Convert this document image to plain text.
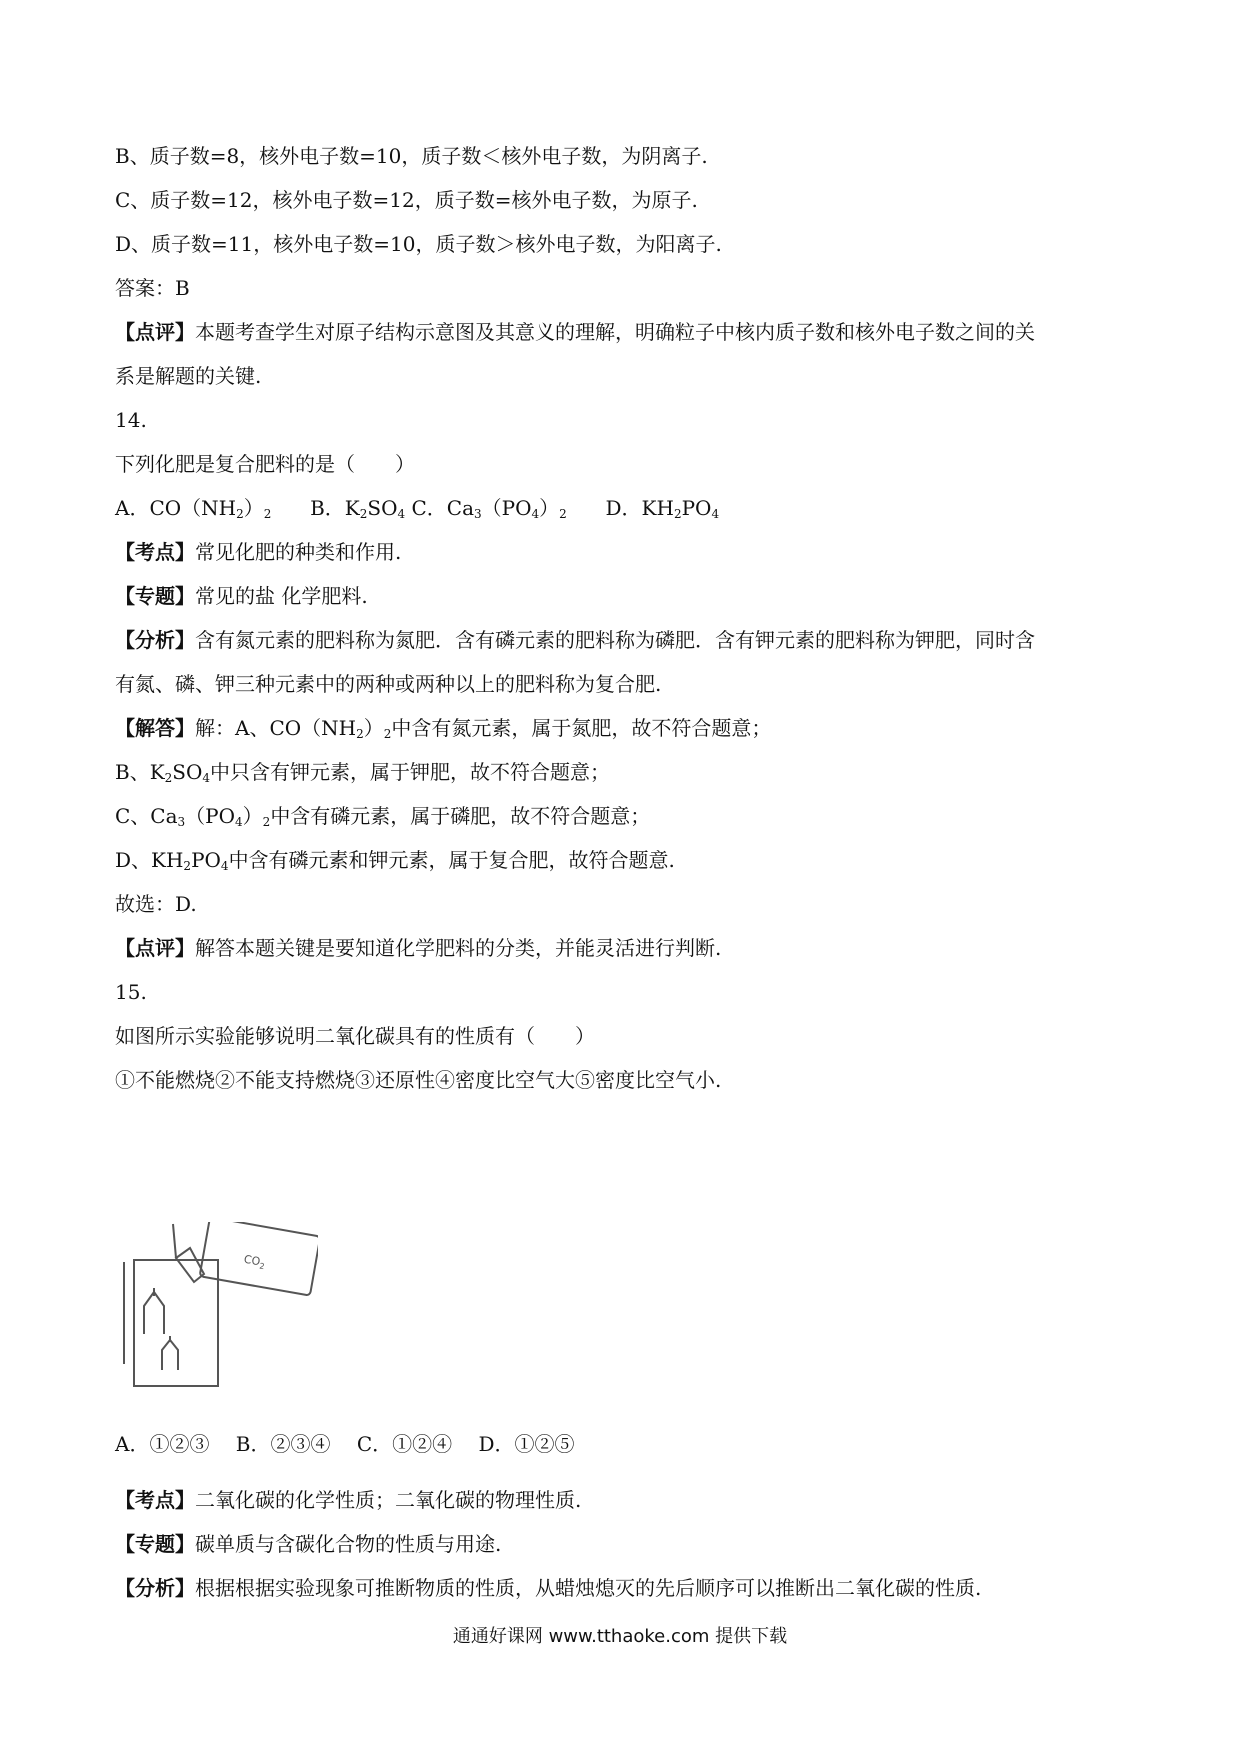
B、质子数=8，核外电子数=10，质子数＜核外电子数，为阴离子.
C、质子数=12，核外电子数=12，质子数=核外电子数，为原子.
D、质子数=11，核外电子数=10，质子数＞核外电子数，为阳离子.
答案：B
【点评】本题考查学生对原子结构示意图及其意义的理解，明确粒子中核内质子数和核外电子数之间的关
系是解题的关键.
14.
下列化肥是复合肥料的是（　　）
A．$CO(NH_2)_2$ B．$K_2SO_4$ C．$Ca_3(PO_4)_2$ D．$KH_2PO_4$
【考点】常见化肥的种类和作用.
【专题】常见的盐 化学肥料.
【分析】含有氮元素的肥料称为氮肥．含有磷元素的肥料称为磷肥．含有钾元素的肥料称为钾肥，同时含
有氮、磷、钾三种元素中的两种或两种以上的肥料称为复合肥.
【解答】解：A、$CO(NH_2)_2$中含有氮元素，属于氮肥，故不符合题意；
B、$K_2SO_4$中只含有钾元素，属于钾肥，故不符合题意；
C、$Ca_3(PO_4)_2$中含有磷元素，属于磷肥，故不符合题意；
D、$KH_2PO_4$中含有磷元素和钾元素，属于复合肥，故符合题意.
故选：D.
【点评】解答本题关键是要知道化学肥料的分类，并能灵活进行判断.
15.
如图所示实验能够说明二氧化碳具有的性质有（　　）
①不能燃烧②不能支持燃烧③还原性④密度比空气大⑤密度比空气小.
$CO_2$
A．①②③　 B．②③④　 C．①②④　 D．①②⑤
【考点】二氧化碳的化学性质；二氧化碳的物理性质.
【专题】碳单质与含碳化合物的性质与用途.
【分析】根据根据实验现象可推断物质的性质，从蜡烛熄灭的先后顺序可以推断出二氧化碳的性质.
通通好课网 www.tthaoke.com 提供下载
